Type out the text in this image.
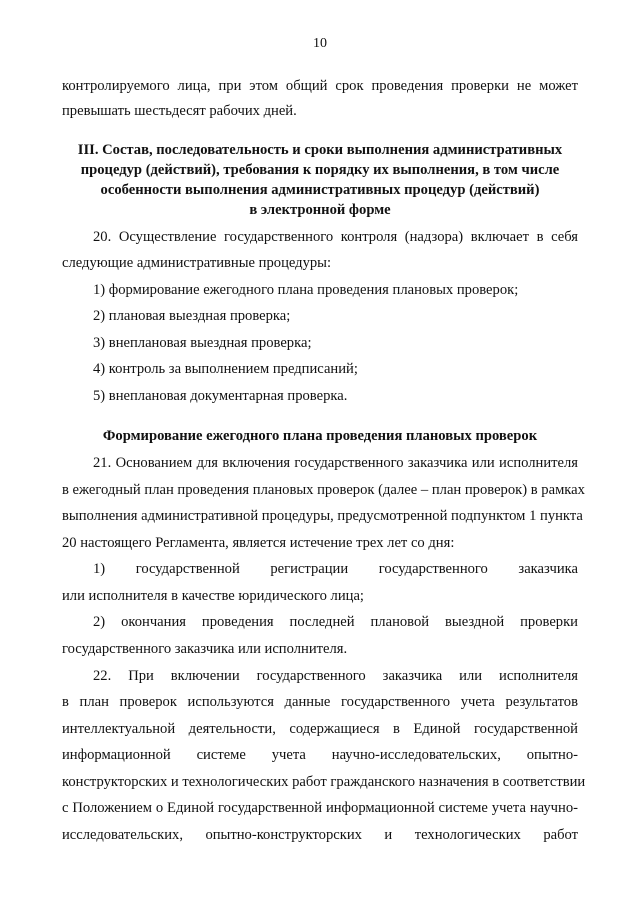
10
контролируемого лица, при этом общий срок проведения проверки не может
превышать шестьдесят рабочих дней.
III. Состав, последовательность и сроки выполнения административных
процедур (действий), требования к порядку их выполнения, в том числе
особенности выполнения административных процедур (действий)
в электронной форме
20. Осуществление государственного контроля (надзора) включает в себя
следующие административные процедуры:
1) формирование ежегодного плана проведения плановых проверок;
2) плановая выездная проверка;
3) внеплановая выездная проверка;
4) контроль за выполнением предписаний;
5) внеплановая документарная проверка.
Формирование ежегодного плана проведения плановых проверок
21. Основанием для включения государственного заказчика или исполнителя
в ежегодный план проведения плановых проверок (далее – план проверок) в рамках
выполнения административной процедуры, предусмотренной подпунктом 1 пункта
20 настоящего Регламента, является истечение трех лет со дня:
1) государственной регистрации государственного заказчика
или исполнителя в качестве юридического лица;
2) окончания проведения последней плановой выездной проверки
государственного заказчика или исполнителя.
22. При включении государственного заказчика или исполнителя
в план проверок используются данные государственного учета результатов
интеллектуальной деятельности, содержащиеся в Единой государственной
информационной системе учета научно-исследовательских, опытно-
конструкторских и технологических работ гражданского назначения в соответствии
с Положением о Единой государственной информационной системе учета научно-
исследовательских, опытно-конструкторских и технологических работ
